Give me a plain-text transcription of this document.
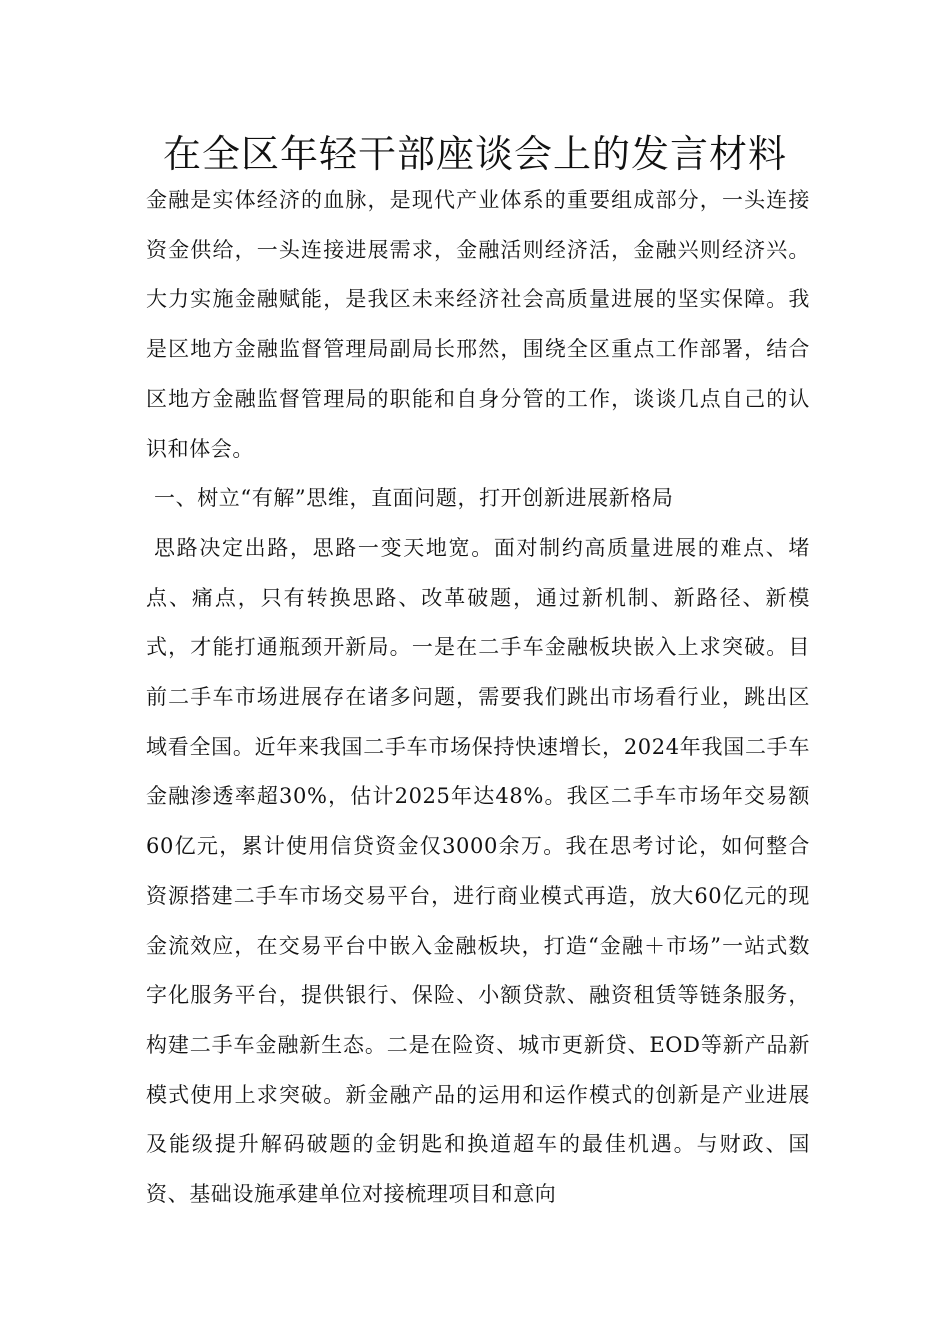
在全区年轻干部座谈会上的发言材料

金融是实体经济的血脉，是现代产业体系的重要组成部分，一头连接资金供给，一头连接进展需求，金融活则经济活，金融兴则经济兴。大力实施金融赋能，是我区未来经济社会高质量进展的坚实保障。我是区地方金融监督管理局副局长邢然，围绕全区重点工作部署，结合区地方金融监督管理局的职能和自身分管的工作，谈谈几点自己的认识和体会。

一、树立“有解”思维，直面问题，打开创新进展新格局

思路决定出路，思路一变天地宽。面对制约高质量进展的难点、堵点、痛点，只有转换思路、改革破题，通过新机制、新路径、新模式，才能打通瓶颈开新局。一是在二手车金融板块嵌入上求突破。目前二手车市场进展存在诸多问题，需要我们跳出市场看行业，跳出区域看全国。近年来我国二手车市场保持快速增长，2024年我国二手车金融渗透率超30%，估计2025年达48%。我区二手车市场年交易额60亿元，累计使用信贷资金仅3000余万。我在思考讨论，如何整合资源搭建二手车市场交易平台，进行商业模式再造，放大60亿元的现金流效应，在交易平台中嵌入金融板块，打造“金融＋市场”一站式数字化服务平台，提供银行、保险、小额贷款、融资租赁等链条服务，构建二手车金融新生态。二是在险资、城市更新贷、EOD等新产品新模式使用上求突破。新金融产品的运用和运作模式的创新是产业进展及能级提升解码破题的金钥匙和换道超车的最佳机遇。与财政、国资、基础设施承建单位对接梳理项目和意向
